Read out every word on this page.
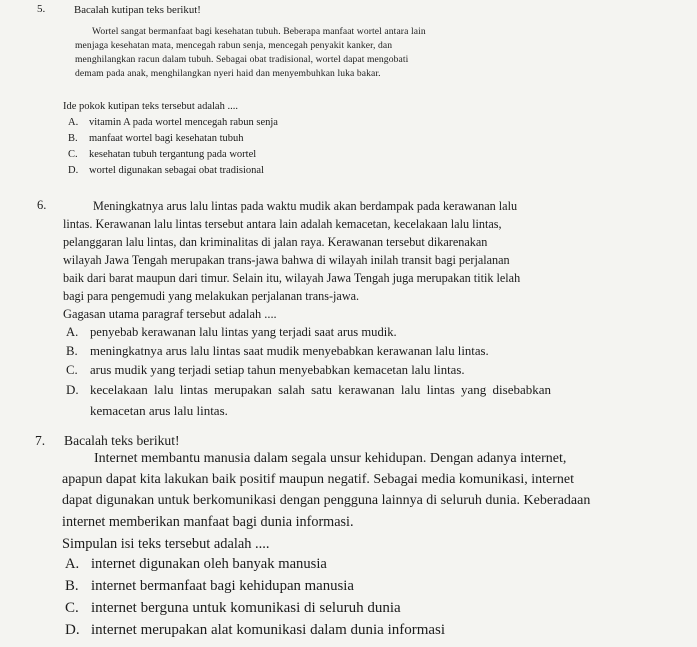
5.	Bacalah kutipan teks berikut!
Wortel sangat bermanfaat bagi kesehatan tubuh. Beberapa manfaat wortel antara lain
menjaga kesehatan mata, mencegah rabun senja, mencegah penyakit kanker, dan
menghilangkan racun dalam tubuh. Sebagai obat tradisional, wortel dapat mengobati
demam pada anak, menghilangkan nyeri haid dan menyembuhkan luka bakar.
Ide pokok kutipan teks tersebut adalah ....
A. vitamin A pada wortel mencegah rabun senja
B. manfaat wortel bagi kesehatan tubuh
C. kesehatan tubuh tergantung pada wortel
D. wortel digunakan sebagai obat tradisional
6.	Meningkatnya arus lalu lintas pada waktu mudik akan berdampak pada kerawanan lalu
lintas. Kerawanan lalu lintas tersebut antara lain adalah kemacetan, kecelakaan lalu lintas,
pelanggaran lalu lintas, dan kriminalitas di jalan raya. Kerawanan tersebut dikarenakan
wilayah Jawa Tengah merupakan trans-jawa bahwa di wilayah inilah transit bagi perjalanan
baik dari barat maupun dari timur. Selain itu, wilayah Jawa Tengah juga merupakan titik lelah
bagi para pengemudi yang melakukan perjalanan trans-jawa.
Gagasan utama paragraf tersebut adalah ....
A. penyebab kerawanan lalu lintas yang terjadi saat arus mudik.
B. meningkatnya arus lalu lintas saat mudik menyebabkan kerawanan lalu lintas.
C. arus mudik yang terjadi setiap tahun menyebabkan kemacetan lalu lintas.
D. kecelakaan lalu lintas merupakan salah satu kerawanan lalu lintas yang disebabkan
kemacetan arus lalu lintas.
7. Bacalah teks berikut!
Internet membantu manusia dalam segala unsur kehidupan. Dengan adanya internet,
apapun dapat kita lakukan baik positif maupun negatif. Sebagai media komunikasi, internet
dapat digunakan untuk berkomunikasi dengan pengguna lainnya di seluruh dunia. Keberadaan
internet memberikan manfaat bagi dunia informasi.
Simpulan isi teks tersebut adalah ....
A. internet digunakan oleh banyak manusia
B. internet bermanfaat bagi kehidupan manusia
C. internet berguna untuk komunikasi di seluruh dunia
D. internet merupakan alat komunikasi dalam dunia informasi
